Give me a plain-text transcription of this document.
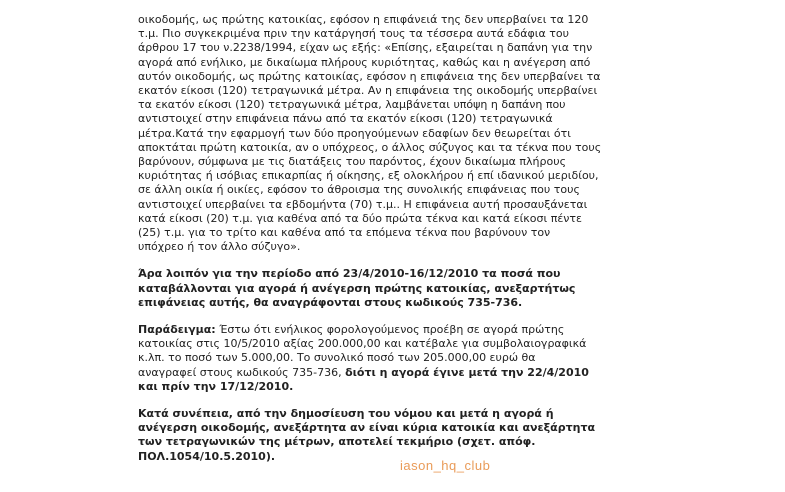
οικοδομής, ως πρώτης κατοικίας, εφόσον η επιφάνειά της δεν υπερβαίνει τα 120
τ.μ. Πιο συγκεκριμένα πριν την κατάργησή τους τα τέσσερα αυτά εδάφια του
άρθρου 17 του ν.2238/1994, είχαν ως εξής: «Επίσης, εξαιρείται η δαπάνη για την
αγορά από ενήλικο, με δικαίωμα πλήρους κυριότητας, καθώς και η ανέγερση από
αυτόν οικοδομής, ως πρώτης κατοικίας, εφόσον η επιφάνεια της δεν υπερβαίνει τα
εκατόν είκοσι (120) τετραγωνικά μέτρα. Αν η επιφάνεια της οικοδομής υπερβαίνει
τα εκατόν είκοσι (120) τετραγωνικά μέτρα, λαμβάνεται υπόψη η δαπάνη που
αντιστοιχεί στην επιφάνεια πάνω από τα εκατόν είκοσι (120) τετραγωνικά
μέτρα.Κατά την εφαρμογή των δύο προηγούμενων εδαφίων δεν θεωρείται ότι
αποκτάται πρώτη κατοικία, αν ο υπόχρεος, ο άλλος σύζυγος και τα τέκνα που τους
βαρύνουν, σύμφωνα με τις διατάξεις του παρόντος, έχουν δικαίωμα πλήρους
κυριότητας ή ισόβιας επικαρπίας ή οίκησης, εξ ολοκλήρου ή επί ιδανικού μεριδίου,
σε άλλη οικία ή οικίες, εφόσον το άθροισμα της συνολικής επιφάνειας που τους
αντιστοιχεί υπερβαίνει τα εβδομήντα (70) τ.μ.. Η επιφάνεια αυτή προσαυξάνεται
κατά είκοσι (20) τ.μ. για καθένα από τα δύο πρώτα τέκνα και κατά είκοσι πέντε
(25) τ.μ. για το τρίτο και καθένα από τα επόμενα τέκνα που βαρύνουν τον
υπόχρεο ή τον άλλο σύζυγο».
Άρα λοιπόν για την περίοδο από 23/4/2010-16/12/2010 τα ποσά που
καταβάλλονται για αγορά ή ανέγερση πρώτης κατοικίας, ανεξαρτήτως
επιφάνειας αυτής, θα αναγράφονται στους κωδικούς 735-736.
Παράδειγμα: Έστω ότι ενήλικος φορολογούμενος προέβη σε αγορά πρώτης
κατοικίας στις 10/5/2010 αξίας 200.000,00 και κατέβαλε για συμβολαιογραφικά
κ.λπ. το ποσό των 5.000,00. Το συνολικό ποσό των 205.000,00 ευρώ θα
αναγραφεί στους κωδικούς 735-736, διότι η αγορά έγινε μετά την 22/4/2010
και πρίν την 17/12/2010.
Κατά συνέπεια, από την δημοσίευση του νόμου και μετά η αγορά ή
ανέγερση οικοδομής, ανεξάρτητα αν είναι κύρια κατοικία και ανεξάρτητα
των τετραγωνικών της μέτρων, αποτελεί τεκμήριο (σχετ. απόφ.
ΠΟΛ.1054/10.5.2010).
iason_hq_club
